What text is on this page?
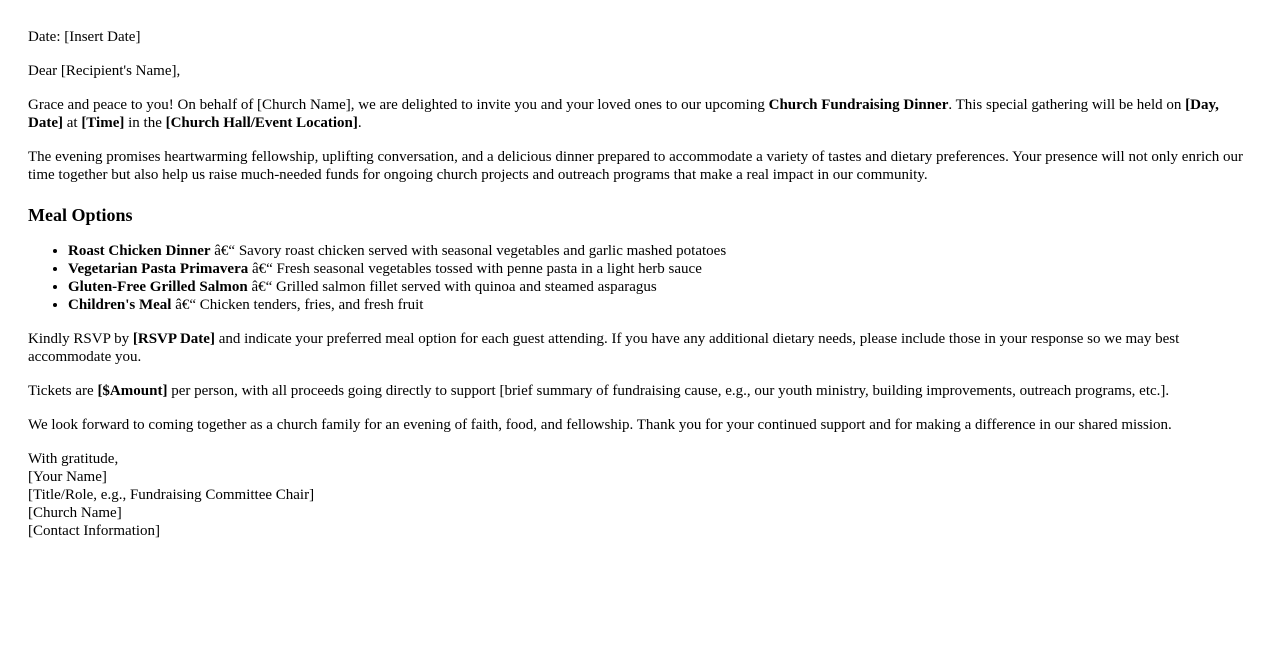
Date: [Insert Date]

Dear [Recipient's Name],

Grace and peace to you! On behalf of [Church Name], we are delighted to invite you and your loved ones to our upcoming Church Fundraising Dinner. This special gathering will be held on [Day, Date] at [Time] in the [Church Hall/Event Location].

The evening promises heartwarming fellowship, uplifting conversation, and a delicious dinner prepared to accommodate a variety of tastes and dietary preferences. Your presence will not only enrich our time together but also help us raise much-needed funds for ongoing church projects and outreach programs that make a real impact in our community.

Meal Options
• Roast Chicken Dinner â€“ Savory roast chicken served with seasonal vegetables and garlic mashed potatoes
• Vegetarian Pasta Primavera â€“ Fresh seasonal vegetables tossed with penne pasta in a light herb sauce
• Gluten-Free Grilled Salmon â€“ Grilled salmon fillet served with quinoa and steamed asparagus
• Children's Meal â€“ Chicken tenders, fries, and fresh fruit

Kindly RSVP by [RSVP Date] and indicate your preferred meal option for each guest attending. If you have any additional dietary needs, please include those in your response so we may best accommodate you.

Tickets are [$Amount] per person, with all proceeds going directly to support [brief summary of fundraising cause, e.g., our youth ministry, building improvements, outreach programs, etc.].

We look forward to coming together as a church family for an evening of faith, food, and fellowship. Thank you for your continued support and for making a difference in our shared mission.

With gratitude,
[Your Name]
[Title/Role, e.g., Fundraising Committee Chair]
[Church Name]
[Contact Information]
